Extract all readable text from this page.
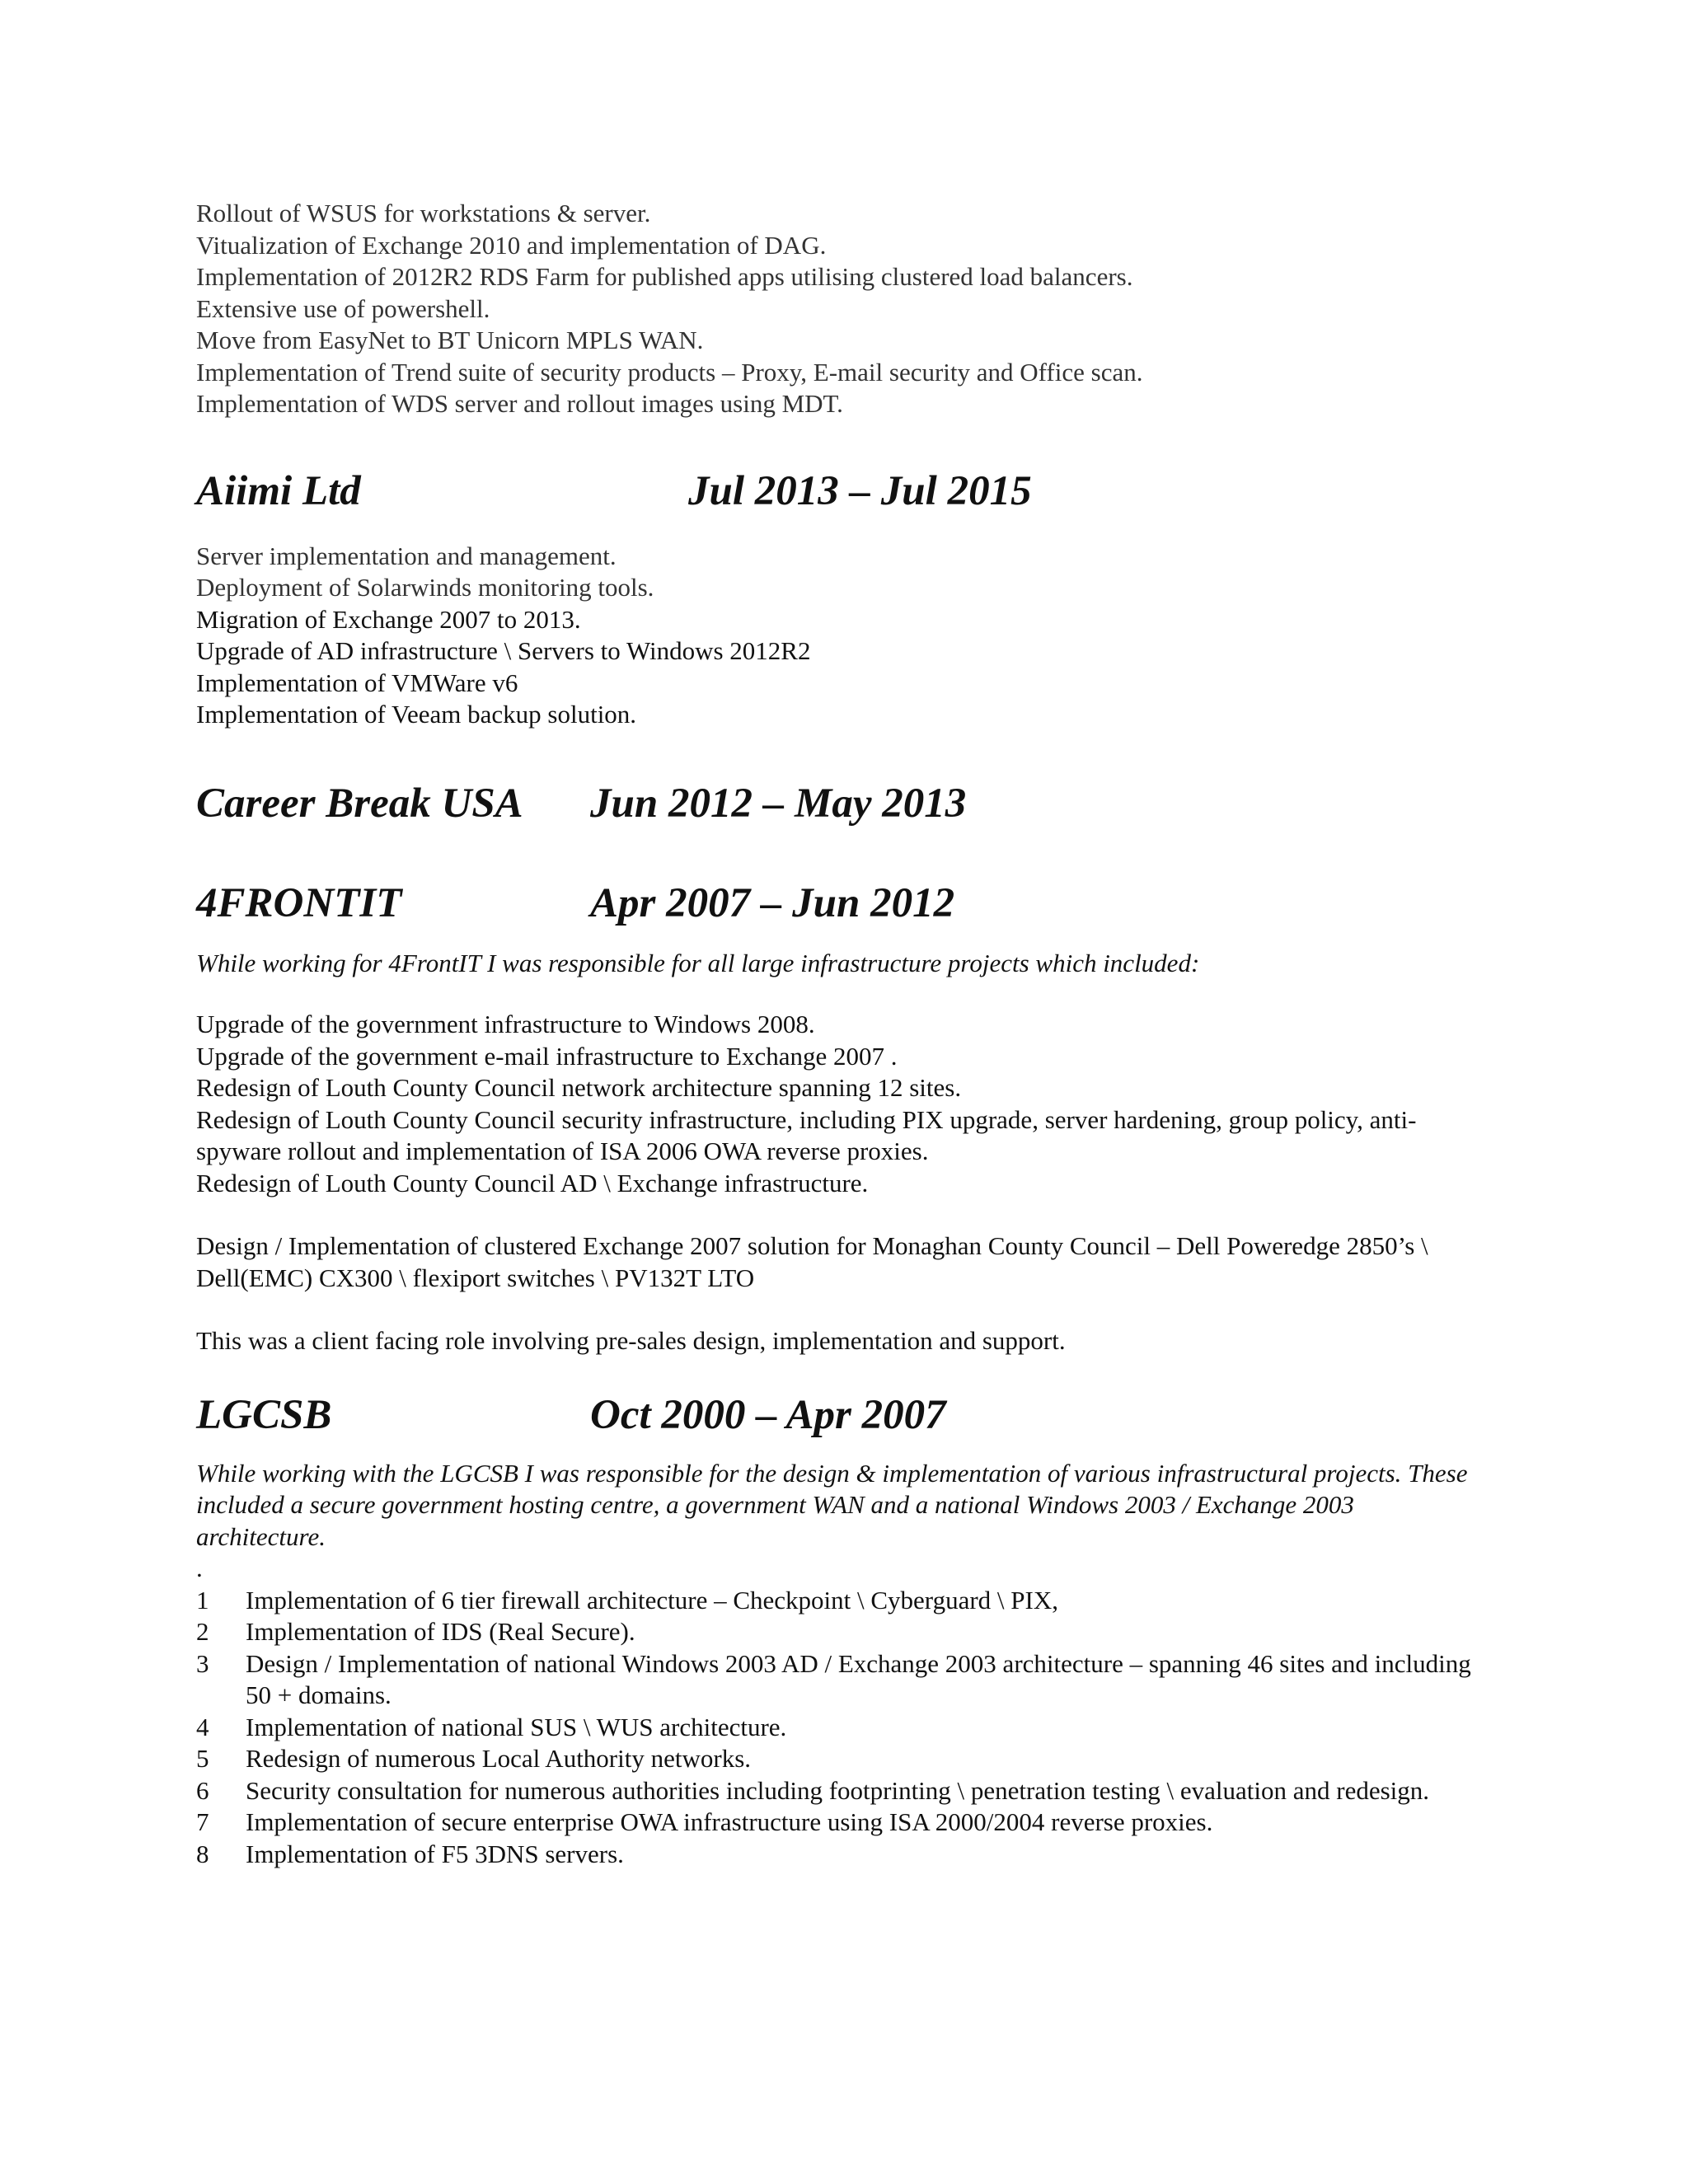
Rollout of WSUS for workstations & server.
Vitualization of Exchange 2010 and implementation of DAG.
Implementation of 2012R2 RDS Farm for published apps utilising clustered load balancers.
Extensive use of powershell.
Move from EasyNet to BT Unicorn MPLS WAN.
Implementation of Trend suite of security products – Proxy, E-mail security and Office scan.
Implementation of WDS server and rollout images using MDT.
Aiimi Ltd	Jul 2013 – Jul 2015
Server implementation and management.
Deployment of Solarwinds monitoring tools.
Migration of Exchange 2007 to 2013.
Upgrade of AD infrastructure \ Servers to Windows 2012R2
Implementation of VMWare v6
Implementation of Veeam backup solution.
Career Break USA Jun 2012 – May 2013
4FRONTIT	Apr 2007 – Jun 2012
While working for 4FrontIT I was responsible for all large infrastructure projects which included:
Upgrade of the government infrastructure to Windows 2008.
Upgrade of the government e-mail infrastructure to Exchange 2007 .
Redesign of Louth County Council network architecture spanning 12 sites.
Redesign of Louth County Council security infrastructure, including PIX upgrade, server hardening, group policy, anti-spyware rollout and implementation of ISA 2006 OWA reverse proxies.
Redesign of Louth County Council AD \ Exchange infrastructure.
Design / Implementation of clustered Exchange 2007 solution for Monaghan County Council – Dell Poweredge 2850’s \ Dell(EMC) CX300 \ flexiport switches \ PV132T LTO
This was a client facing role involving pre-sales design, implementation and support.
LGCSB	Oct 2000 – Apr 2007
While working with the LGCSB I was responsible for the design & implementation of various infrastructural projects. These included a secure government hosting centre, a government WAN and a national Windows 2003 / Exchange 2003 architecture.
.
1 Implementation of 6 tier firewall architecture – Checkpoint \ Cyberguard \ PIX,
2 Implementation of IDS (Real Secure).
3 Design / Implementation of national Windows 2003 AD / Exchange 2003 architecture – spanning 46 sites and including 50 + domains.
4 Implementation of national SUS \ WUS architecture.
5 Redesign of numerous Local Authority networks.
6 Security consultation for numerous authorities including footprinting \ penetration testing \ evaluation and redesign.
7 Implementation of secure enterprise OWA infrastructure using ISA 2000/2004 reverse proxies.
8 Implementation of F5 3DNS servers.
